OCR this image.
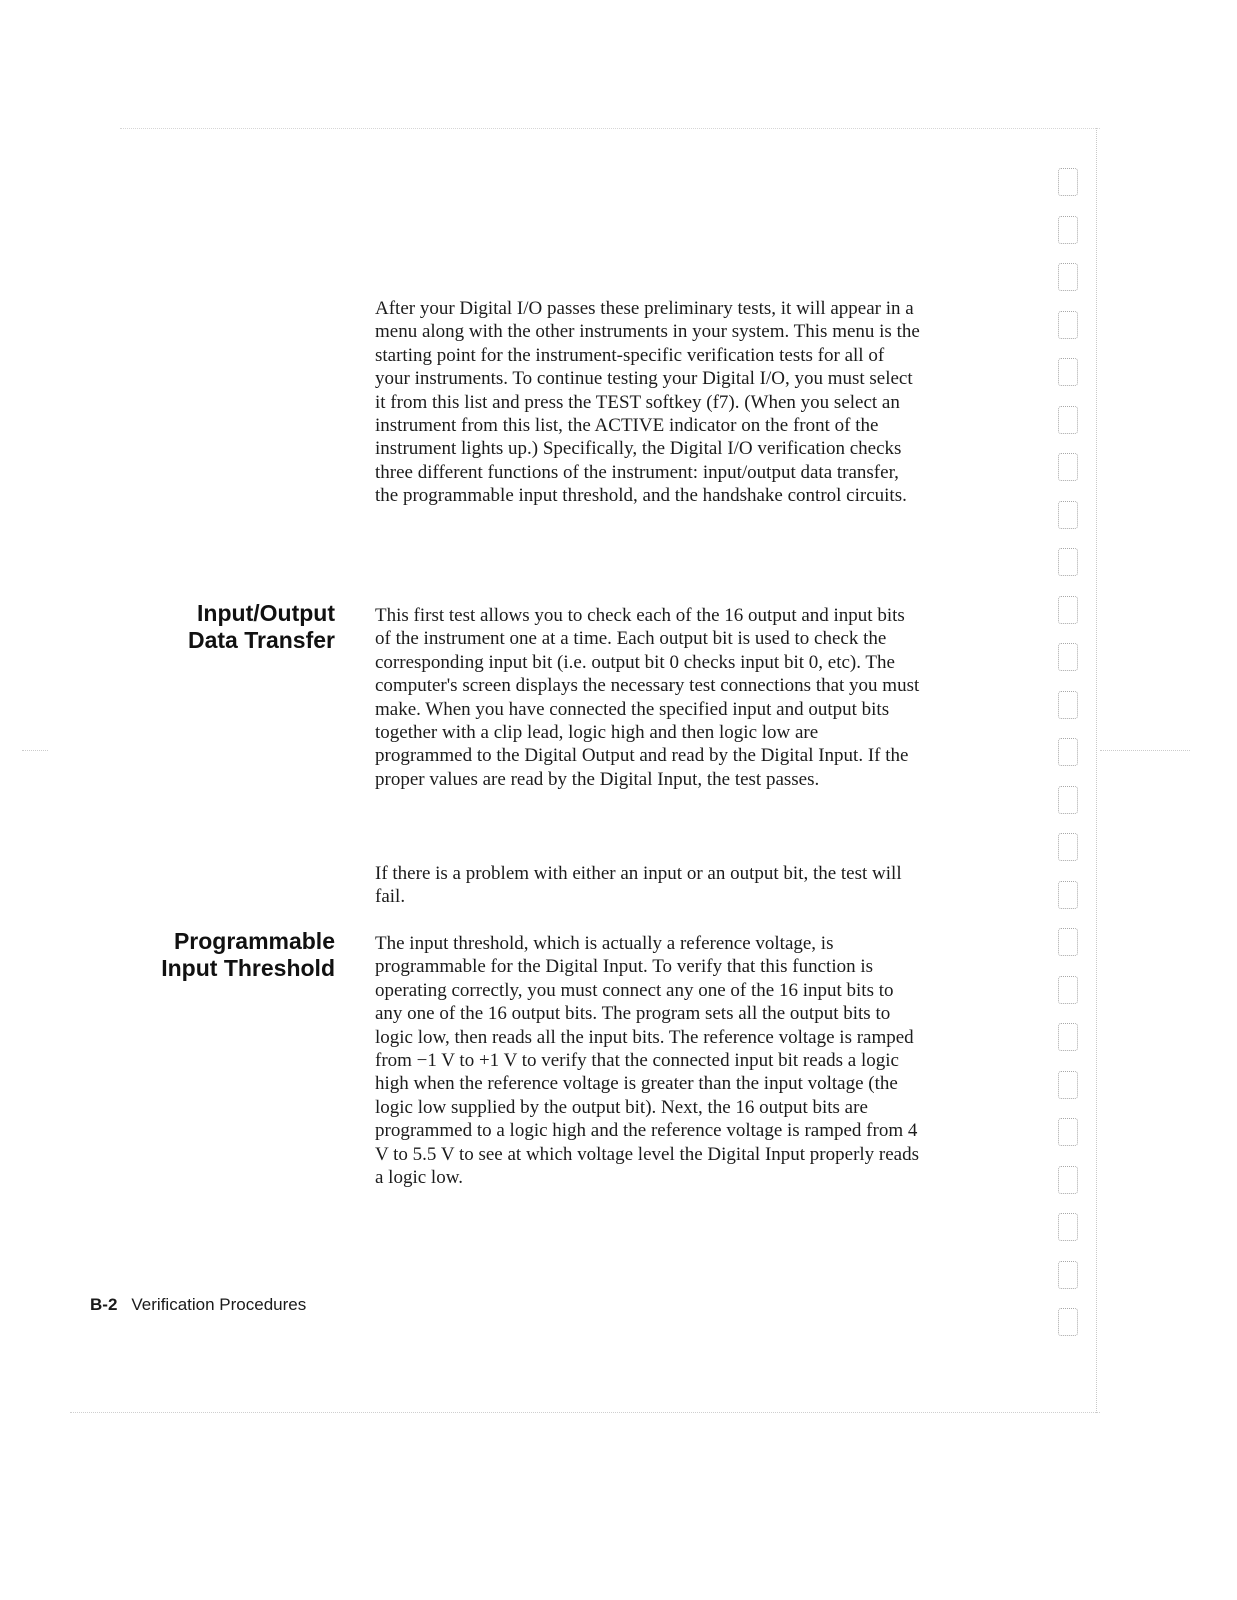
After your Digital I/O passes these preliminary tests, it will appear in a menu along with the other instruments in your system. This menu is the starting point for the instrument-specific verification tests for all of your instruments. To continue testing your Digital I/O, you must select it from this list and press the TEST softkey (f7). (When you select an instrument from this list, the ACTIVE indicator on the front of the instrument lights up.) Specifically, the Digital I/O verification checks three different functions of the instrument: input/output data transfer, the programmable input threshold, and the handshake control circuits.

Input/Output
Data Transfer

This first test allows you to check each of the 16 output and input bits of the instrument one at a time. Each output bit is used to check the corresponding input bit (i.e. output bit 0 checks input bit 0, etc). The computer's screen displays the necessary test connections that you must make. When you have connected the specified input and output bits together with a clip lead, logic high and then logic low are programmed to the Digital Output and read by the Digital Input. If the proper values are read by the Digital Input, the test passes.

If there is a problem with either an input or an output bit, the test will fail.

Programmable
Input Threshold

The input threshold, which is actually a reference voltage, is programmable for the Digital Input. To verify that this function is operating correctly, you must connect any one of the 16 input bits to any one of the 16 output bits. The program sets all the output bits to logic low, then reads all the input bits. The reference voltage is ramped from −1 V to +1 V to verify that the connected input bit reads a logic high when the reference voltage is greater than the input voltage (the logic low supplied by the output bit). Next, the 16 output bits are programmed to a logic high and the reference voltage is ramped from 4 V to 5.5 V to see at which voltage level the Digital Input properly reads a logic low.

B-2 Verification Procedures
